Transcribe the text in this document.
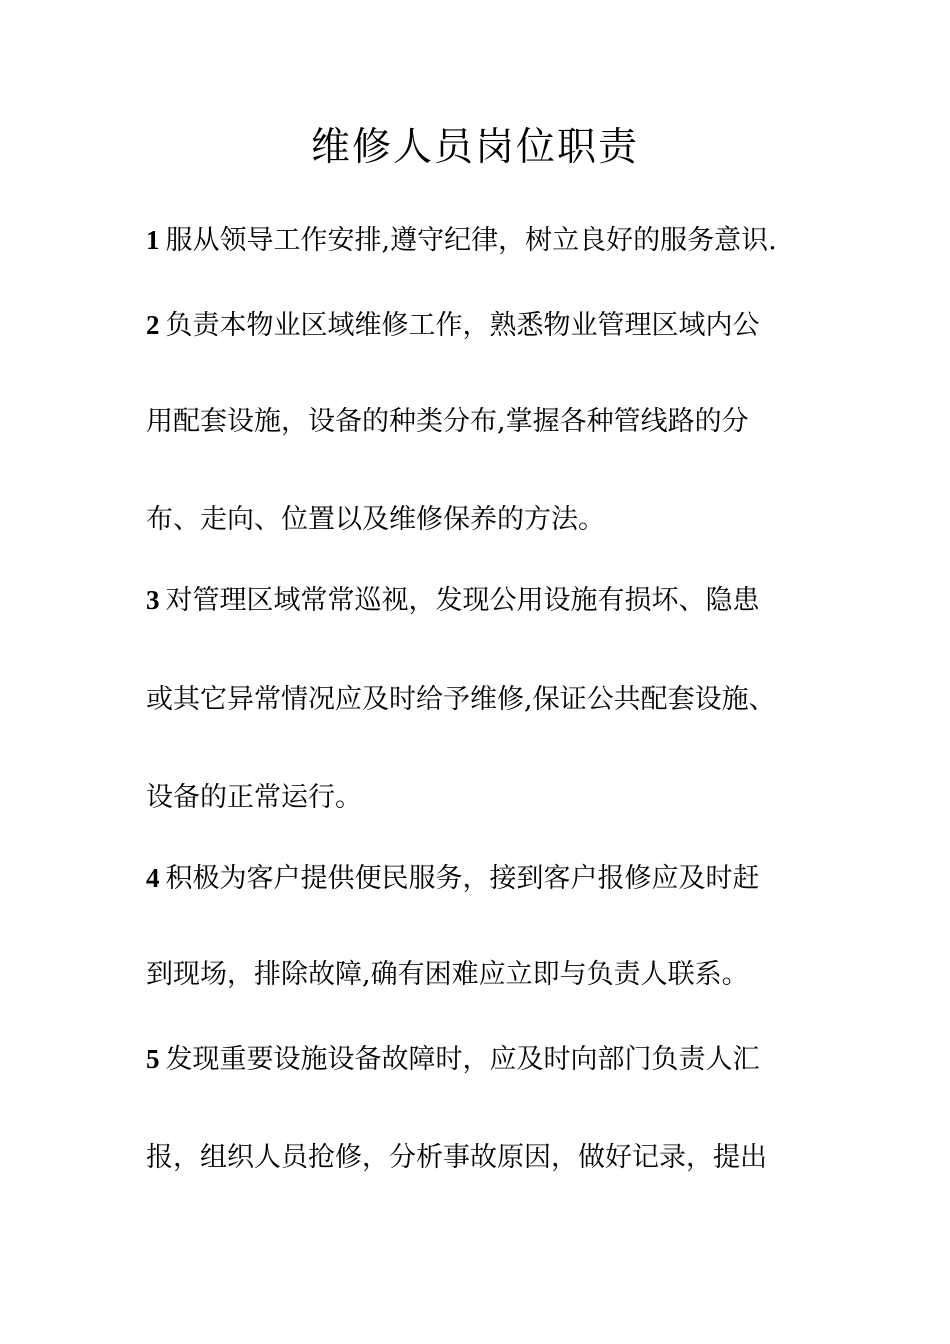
维修人员岗位职责
1 服从领导工作安排,遵守纪律，树立良好的服务意识.
2 负责本物业区域维修工作，熟悉物业管理区域内公
用配套设施，设备的种类分布,掌握各种管线路的分
布、走向、位置以及维修保养的方法。
3 对管理区域常常巡视，发现公用设施有损坏、隐患
或其它异常情况应及时给予维修,保证公共配套设施、
设备的正常运行。
4 积极为客户提供便民服务，接到客户报修应及时赶
到现场，排除故障,确有困难应立即与负责人联系。
5 发现重要设施设备故障时，应及时向部门负责人汇
报，组织人员抢修，分析事故原因，做好记录，提出
